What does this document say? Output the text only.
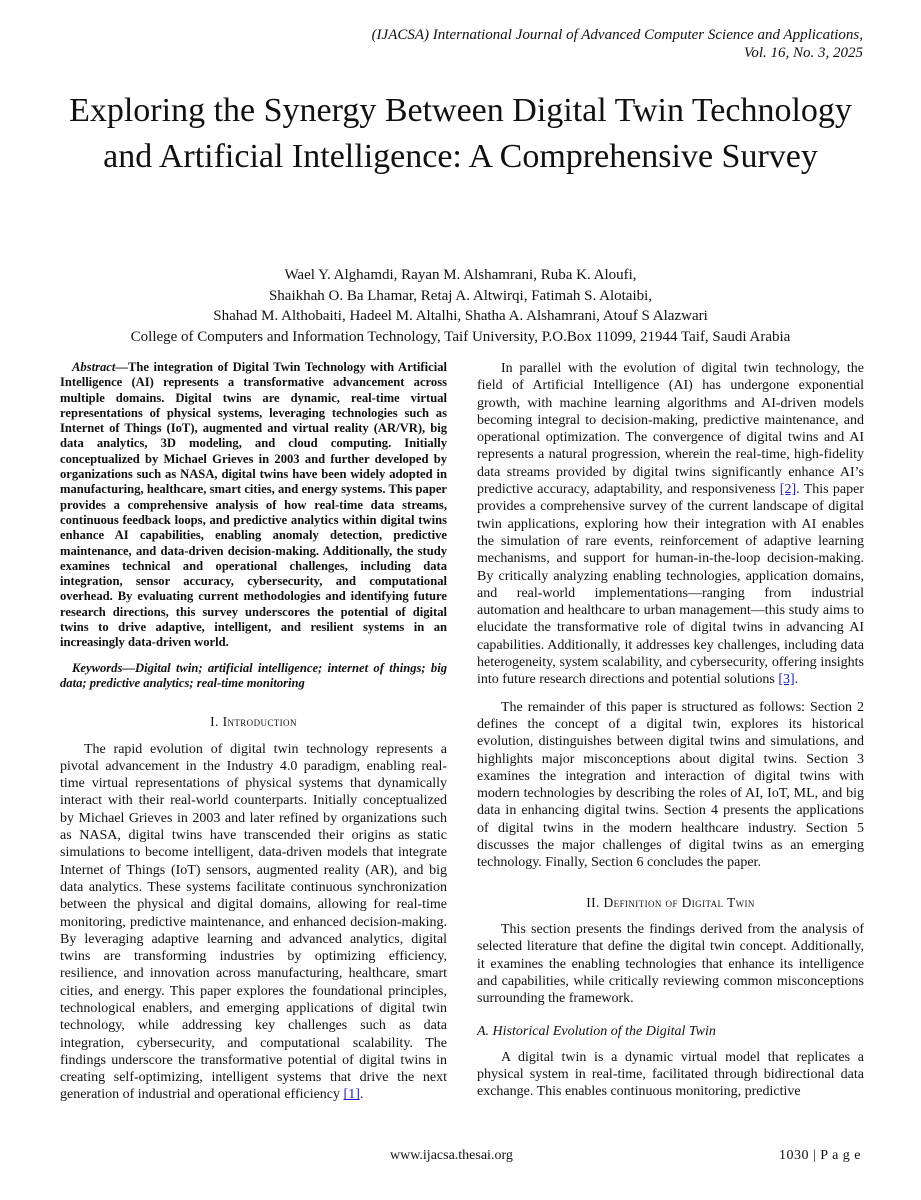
(IJACSA) International Journal of Advanced Computer Science and Applications,
Vol. 16, No. 3, 2025
Exploring the Synergy Between Digital Twin Technology and Artificial Intelligence: A Comprehensive Survey
Wael Y. Alghamdi, Rayan M. Alshamrani, Ruba K. Aloufi,
Shaikhah O. Ba Lhamar, Retaj A. Altwirqi, Fatimah S. Alotaibi,
Shahad M. Althobaiti, Hadeel M. Altalhi, Shatha A. Alshamrani, Atouf S Alazwari
College of Computers and Information Technology, Taif University, P.O.Box 11099, 21944 Taif, Saudi Arabia

Abstract—The integration of Digital Twin Technology with Artificial Intelligence (AI) represents a transformative advancement across multiple domains. Digital twins are dynamic, real-time virtual representations of physical systems, leveraging technologies such as Internet of Things (IoT), augmented and virtual reality (AR/VR), big data analytics, 3D modeling, and cloud computing. Initially conceptualized by Michael Grieves in 2003 and further developed by organizations such as NASA, digital twins have been widely adopted in manufacturing, healthcare, smart cities, and energy systems. This paper provides a comprehensive analysis of how real-time data streams, continuous feedback loops, and predictive analytics within digital twins enhance AI capabilities, enabling anomaly detection, predictive maintenance, and data-driven decision-making. Additionally, the study examines technical and operational challenges, including data integration, sensor accuracy, cybersecurity, and computational overhead. By evaluating current methodologies and identifying future research directions, this survey underscores the potential of digital twins to drive adaptive, intelligent, and resilient systems in an increasingly data-driven world.

Keywords—Digital twin; artificial intelligence; internet of things; big data; predictive analytics; real-time monitoring

I. Introduction

The rapid evolution of digital twin technology represents a pivotal advancement in the Industry 4.0 paradigm, enabling real-time virtual representations of physical systems that dynamically interact with their real-world counterparts. Initially conceptualized by Michael Grieves in 2003 and later refined by organizations such as NASA, digital twins have transcended their origins as static simulations to become intelligent, data-driven models that integrate Internet of Things (IoT) sensors, augmented reality (AR), and big data analytics. These systems facilitate continuous synchronization between the physical and digital domains, allowing for real-time monitoring, predictive maintenance, and enhanced decision-making. By leveraging adaptive learning and advanced analytics, digital twins are transforming industries by optimizing efficiency, resilience, and innovation across manufacturing, healthcare, smart cities, and energy. This paper explores the foundational principles, technological enablers, and emerging applications of digital twin technology, while addressing key challenges such as data integration, cybersecurity, and computational scalability. The findings underscore the transformative potential of digital twins in creating self-optimizing, intelligent systems that drive the next generation of industrial and operational efficiency [1].

In parallel with the evolution of digital twin technology, the field of Artificial Intelligence (AI) has undergone exponential growth, with machine learning algorithms and AI-driven models becoming integral to decision-making, predictive maintenance, and operational optimization. The convergence of digital twins and AI represents a natural progression, wherein the real-time, high-fidelity data streams provided by digital twins significantly enhance AI’s predictive accuracy, adaptability, and responsiveness [2]. This paper provides a comprehensive survey of the current landscape of digital twin applications, exploring how their integration with AI enables the simulation of rare events, reinforcement of adaptive learning mechanisms, and support for human-in-the-loop decision-making. By critically analyzing enabling technologies, application domains, and real-world implementations—ranging from industrial automation and healthcare to urban management—this study aims to elucidate the transformative role of digital twins in advancing AI capabilities. Additionally, it addresses key challenges, including data heterogeneity, system scalability, and cybersecurity, offering insights into future research directions and potential solutions [3].

The remainder of this paper is structured as follows: Section 2 defines the concept of a digital twin, explores its historical evolution, distinguishes between digital twins and simulations, and highlights major misconceptions about digital twins. Section 3 examines the integration and interaction of digital twins with modern technologies by describing the roles of AI, IoT, ML, and big data in enhancing digital twins. Section 4 presents the applications of digital twins in the modern healthcare industry. Section 5 discusses the major challenges of digital twins as an emerging technology. Finally, Section 6 concludes the paper.

II. Definition of Digital Twin

This section presents the findings derived from the analysis of selected literature that define the digital twin concept. Additionally, it examines the enabling technologies that enhance its intelligence and capabilities, while critically reviewing common misconceptions surrounding the framework.

A. Historical Evolution of the Digital Twin

A digital twin is a dynamic virtual model that replicates a physical system in real-time, facilitated through bidirectional data exchange. This enables continuous monitoring, predictive

www.ijacsa.thesai.org	1030 | P a g e
